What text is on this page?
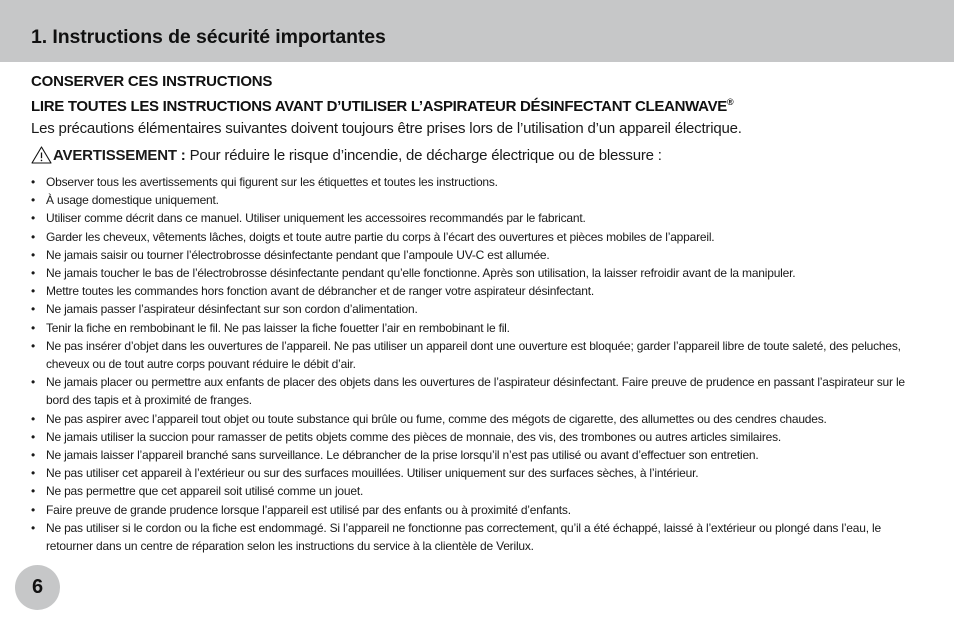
1. Instructions de sécurité importantes
CONSERVER CES INSTRUCTIONS
LIRE TOUTES LES INSTRUCTIONS AVANT D’UTILISER L’ASPIRATEUR DÉSINFECTANT CLEANWAVE®
Les précautions élémentaires suivantes doivent toujours être prises lors de l’utilisation d’un appareil électrique.
AVERTISSEMENT : Pour réduire le risque d’incendie, de décharge électrique ou de blessure :
• Observer tous les avertissements qui figurent sur les étiquettes et toutes les instructions.
• À usage domestique uniquement.
• Utiliser comme décrit dans ce manuel. Utiliser uniquement les accessoires recommandés par le fabricant.
• Garder les cheveux, vêtements lâches, doigts et toute autre partie du corps à l’écart des ouvertures et pièces mobiles de l’appareil.
• Ne jamais saisir ou tourner l’électrobrosse désinfectante pendant que l’ampoule UV-C est allumée.
• Ne jamais toucher le bas de l’électrobrosse désinfectante pendant qu’elle fonctionne. Après son utilisation, la laisser refroidir avant de la manipuler.
• Mettre toutes les commandes hors fonction avant de débrancher et de ranger votre aspirateur désinfectant.
• Ne jamais passer l’aspirateur désinfectant sur son cordon d’alimentation.
• Tenir la fiche en rembobinant le fil. Ne pas laisser la fiche fouetter l’air en rembobinant le fil.
• Ne pas insérer d’objet dans les ouvertures de l’appareil. Ne pas utiliser un appareil dont une ouverture est bloquée; garder l’appareil libre de toute saleté, des peluches, cheveux ou de tout autre corps pouvant réduire le débit d’air.
• Ne jamais placer ou permettre aux enfants de placer des objets dans les ouvertures de l’aspirateur désinfectant. Faire preuve de prudence en passant l’aspirateur sur le bord des tapis et à proximité de franges.
• Ne pas aspirer avec l’appareil tout objet ou toute substance qui brûle ou fume, comme des mégots de cigarette, des allumettes ou des cendres chaudes.
• Ne jamais utiliser la succion pour ramasser de petits objets comme des pièces de monnaie, des vis, des trombones ou autres articles similaires.
• Ne jamais laisser l’appareil branché sans surveillance. Le débrancher de la prise lorsqu’il n’est pas utilisé ou avant d’effectuer son entretien.
• Ne pas utiliser cet appareil à l’extérieur ou sur des surfaces mouillées. Utiliser uniquement sur des surfaces sèches, à l’intérieur.
• Ne pas permettre que cet appareil soit utilisé comme un jouet.
• Faire preuve de grande prudence lorsque l’appareil est utilisé par des enfants ou à proximité d’enfants.
• Ne pas utiliser si le cordon ou la fiche est endommagé. Si l’appareil ne fonctionne pas correctement, qu’il a été échappé, laissé à l’extérieur ou plongé dans l’eau, le retourner dans un centre de réparation selon les instructions du service à la clientèle de Verilux.
6
